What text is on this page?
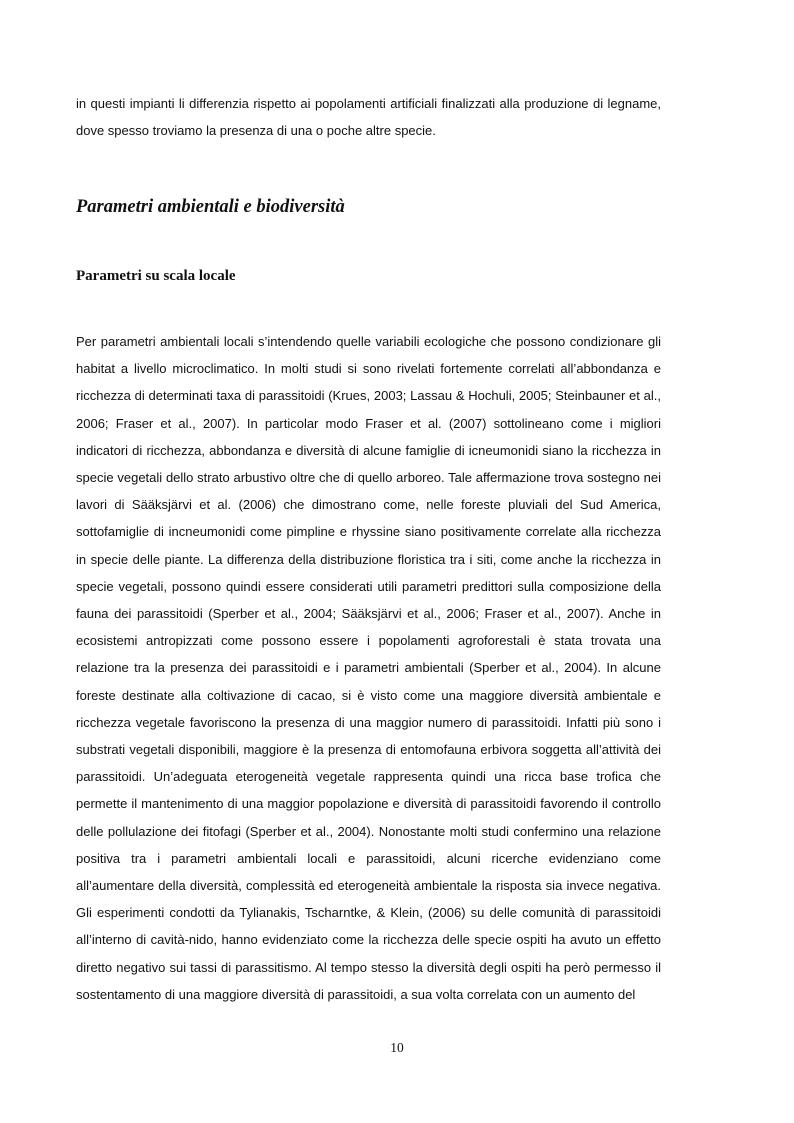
in questi impianti li differenzia rispetto ai popolamenti artificiali finalizzati alla produzione di legname, dove spesso troviamo la presenza di una o poche altre specie.

Parametri ambientali e biodiversità
Parametri su scala locale

Per parametri ambientali locali s’intendendo quelle variabili ecologiche che possono condizionare gli habitat a livello microclimatico. In molti studi si sono rivelati fortemente correlati all’abbondanza e ricchezza di determinati taxa di parassitoidi (Krues, 2003; Lassau & Hochuli, 2005; Steinbauner et al., 2006; Fraser et al., 2007). In particolar modo Fraser et al. (2007) sottolineano come i migliori indicatori di ricchezza, abbondanza e diversità di alcune famiglie di icneumonidi siano la ricchezza in specie vegetali dello strato arbustivo oltre che di quello arboreo. Tale affermazione trova sostegno nei lavori di Sääksjärvi et al. (2006) che dimostrano come, nelle foreste pluviali del Sud America, sottofamiglie di incneumonidi come pimpline e rhyssine siano positivamente correlate alla ricchezza in specie delle piante. La differenza della distribuzione floristica tra i siti, come anche la ricchezza in specie vegetali, possono quindi essere considerati utili parametri predittori sulla composizione della fauna dei parassitoidi (Sperber et al., 2004; Sääksjärvi et al., 2006; Fraser et al., 2007). Anche in ecosistemi antropizzati come possono essere i popolamenti agroforestali è stata trovata una relazione tra la presenza dei parassitoidi e i parametri ambientali (Sperber et al., 2004). In alcune foreste destinate alla coltivazione di cacao, si è visto come una maggiore diversità ambientale e ricchezza vegetale favoriscono la presenza di una maggior numero di parassitoidi. Infatti più sono i substrati vegetali disponibili, maggiore è la presenza di entomofauna erbivora soggetta all’attività dei parassitoidi. Un’adeguata eterogeneità vegetale rappresenta quindi una ricca base trofica che permette il mantenimento di una maggior popolazione e diversità di parassitoidi favorendo il controllo delle pollulazione dei fitofagi (Sperber et al., 2004). Nonostante molti studi confermino una relazione positiva tra i parametri ambientali locali e parassitoidi, alcuni ricerche evidenziano come all’aumentare della diversità, complessità ed eterogeneità ambientale la risposta sia invece negativa. Gli esperimenti condotti da Tylianakis, Tscharntke, & Klein, (2006) su delle comunità di parassitoidi all’interno di cavità-nido, hanno evidenziato come la ricchezza delle specie ospiti ha avuto un effetto diretto negativo sui tassi di parassitismo. Al tempo stesso la diversità degli ospiti ha però permesso il sostentamento di una maggiore diversità di parassitoidi, a sua volta correlata con un aumento del

10
